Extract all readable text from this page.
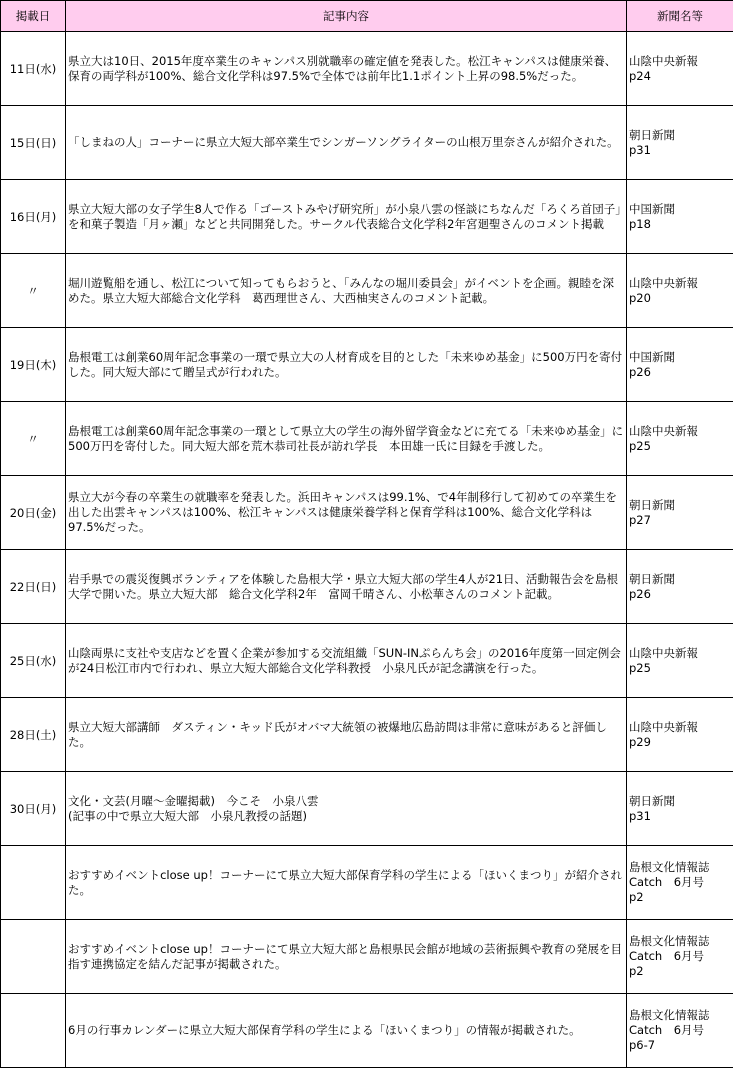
掲載日	記事内容	新聞名等
11日(水)	県立大は10日、2015年度卒業生のキャンパス別就職率の確定値を発表した。松江キャンパスは健康栄養、保育の両学科が100%、総合文化学科は97.5%で全体では前年比1.1ポイント上昇の98.5%だった。	山陰中央新報
p24

15日(日)	「しまねの人」コーナーに県立大短大部卒業生でシンガーソングライターの山根万里奈さんが紹介された。	朝日新聞
p31

16日(月)	県立大短大部の女子学生8人で作る「ゴーストみやげ研究所」が小泉八雲の怪談にちなんだ「ろくろ首団子」を和菓子製造「月ヶ瀬」などと共同開発した。サークル代表総合文化学科2年宮廻聖さんのコメント掲載	中国新聞
p18

〃	堀川遊覧船を通し、松江について知ってもらおうと、「みんなの堀川委員会」がイベントを企画。親睦を深めた。県立大短大部総合文化学科　葛西理世さん、大西柚実さんのコメント記載。	山陰中央新報
p20

19日(木)	島根電工は創業60周年記念事業の一環で県立大の人材育成を目的とした「未来ゆめ基金」に500万円を寄付した。同大短大部にて贈呈式が行われた。	中国新聞
p26

〃	島根電工は創業60周年記念事業の一環として県立大の学生の海外留学資金などに充てる「未来ゆめ基金」に500万円を寄付した。同大短大部を荒木恭司社長が訪れ学長　本田雄一氏に目録を手渡した。	山陰中央新報
p25

20日(金)	県立大が今春の卒業生の就職率を発表した。浜田キャンパスは99.1%、で4年制移行して初めての卒業生を出した出雲キャンパスは100%、松江キャンパスは健康栄養学科と保育学科は100%、総合文化学科は97.5%だった。	朝日新聞
p27

22日(日)	岩手県での震災復興ボランティアを体験した島根大学・県立大短大部の学生4人が21日、活動報告会を島根大学で開いた。県立大短大部　総合文化学科2年　富岡千晴さん、小松華さんのコメント記載。	朝日新聞
p26

25日(水)	山陰両県に支社や支店などを置く企業が参加する交流組織「SUN-INぷらんち会」の2016年度第一回定例会が24日松江市内で行われ、県立大短大部総合文化学科教授　小泉凡氏が記念講演を行った。	山陰中央新報
p25

28日(土)	県立大短大部講師　ダスティン・キッド氏がオバマ大統領の被爆地広島訪問は非常に意味があると評価した。	山陰中央新報
p29

30日(月)	文化・文芸(月曜〜金曜掲載)　今こそ　小泉八雲
(記事の中で県立大短大部　小泉凡教授の話題)	朝日新聞
p31

	おすすめイベントclose up！コーナーにて県立大短大部保育学科の学生による「ほいくまつり」が紹介された。	島根文化情報誌
Catch　6月号
p2

	おすすめイベントclose up！コーナーにて県立大短大部と島根県民会館が地域の芸術振興や教育の発展を目指す連携協定を結んだ記事が掲載された。	島根文化情報誌
Catch　6月号
p2

	6月の行事カレンダーに県立大短大部保育学科の学生による「ほいくまつり」の情報が掲載された。	島根文化情報誌
Catch　6月号
p6-7
